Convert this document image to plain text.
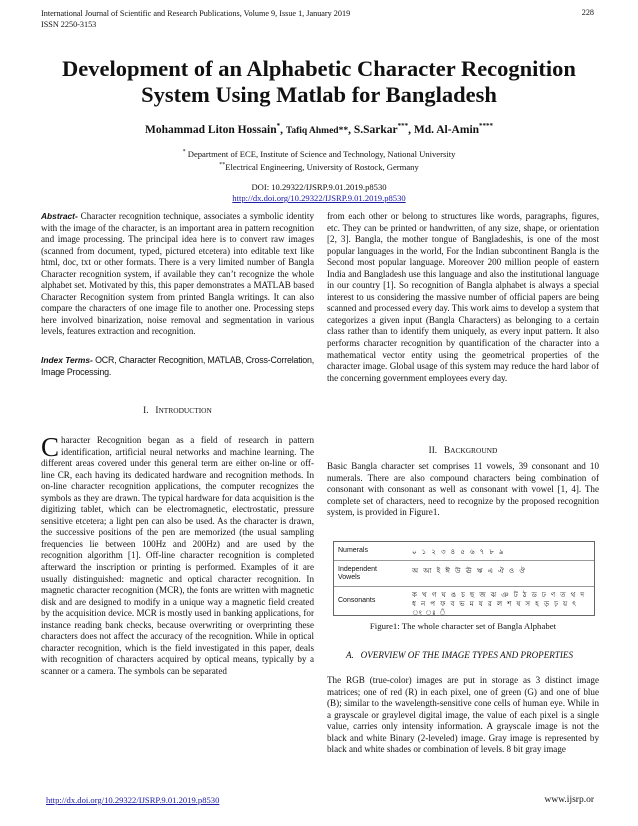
International Journal of Scientific and Research Publications, Volume 9, Issue 1, January 2019
ISSN 2250-3153
228
Development of an Alphabetic Character Recognition System Using Matlab for Bangladesh
Mohammad Liton Hossain*, Tafiq Ahmed**, S.Sarkar***, Md. Al-Amin****
* Department of ECE, Institute of Science and Technology, National University
**Electrical Engineering, University of Rostock, Germany
DOI: 10.29322/IJSRP.9.01.2019.p8530
http://dx.doi.org/10.29322/IJSRP.9.01.2019.p8530
Abstract- Character recognition technique, associates a symbolic identity with the image of the character, is an important area in pattern recognition and image processing. The principal idea here is to convert raw images (scanned from document, typed, pictured etcetera) into editable text like html, doc, txt or other formats. There is a very limited number of Bangla Character recognition system, if available they can’t recognize the whole alphabet set. Motivated by this, this paper demonstrates a MATLAB based Character Recognition system from printed Bangla writings. It can also compare the characters of one image file to another one. Processing steps here involved binarization, noise removal and segmentation in various levels, features extraction and recognition.
Index Terms- OCR, Character Recognition, MATLAB, Cross-Correlation, Image Processing.
I. INTRODUCTION
Character Recognition began as a field of research in pattern identification, artificial neural networks and machine learning. The different areas covered under this general term are either on-line or off-line CR, each having its dedicated hardware and recognition methods. In on-line character recognition applications, the computer recognizes the symbols as they are drawn. The typical hardware for data acquisition is the digitizing tablet, which can be electromagnetic, electrostatic, pressure sensitive etcetera; a light pen can also be used. As the character is drawn, the successive positions of the pen are memorized (the usual sampling frequencies lie between 100Hz and 200Hz) and are used by the recognition algorithm [1]. Off-line character recognition is completed afterward the inscription or printing is performed. Examples of it are usually distinguished: magnetic and optical character recognition. In magnetic character recognition (MCR), the fonts are written with magnetic disk and are designed to modify in a unique way a magnetic field created by the acquisition device. MCR is mostly used in banking applications, for instance reading bank checks, because overwriting or overprinting these characters does not affect the accuracy of the recognition. While in optical character recognition, which is the field investigated in this paper, deals with recognition of characters acquired by optical means, typically by a scanner or a camera. The symbols can be separated
from each other or belong to structures like words, paragraphs, figures, etc. They can be printed or handwritten, of any size, shape, or orientation [2, 3]. Bangla, the mother tongue of Bangladeshis, is one of the most popular languages in the world, For the Indian subcontinent Bangla is the Second most popular language. Moreover 200 million people of eastern India and Bangladesh use this language and also the institutional language in our country [1]. So recognition of Bangla alphabet is always a special interest to us considering the massive number of official papers are being scanned and processed every day. This work aims to develop a system that categorizes a given input (Bangla Characters) as belonging to a certain class rather than to identify them uniquely, as every input pattern. It also performs character recognition by quantification of the character into a mathematical vector entity using the geometrical properties of the character image. Global usage of this system may reduce the hard labor of the concerning government employees every day.
II. BACKGROUND
Basic Bangla character set comprises 11 vowels, 39 consonant and 10 numerals. There are also compound characters being combination of consonant with consonant as well as consonant with vowel [1, 4]. The complete set of characters, need to recognize by the proposed recognition system, is provided in Figure1.
Numerals	০ ১ ২ ৩ ৪ ৫ ৬ ৭ ৮ ৯
Independent Vowels
অ আ ই ঈ উ ঊ ঋ এ ঐ ও ঔ
Consonants
ক খ গ ঘ ঙ চ ছ জ ঝ ঞ ট ঠ ড ঢ ণ ত থ দ ধ ন প ফ ব ভ ম য র ল শ ষ স হ ড় ঢ় য় ৎ ং ঃ ঁ
Figure1: The whole character set of Bangla Alphabet
A. OVERVIEW OF THE IMAGE TYPES AND PROPERTIES
The RGB (true-color) images are put in storage as 3 distinct image matrices; one of red (R) in each pixel, one of green (G) and one of blue (B); similar to the wavelength-sensitive cone cells of human eye. While in a grayscale or graylevel digital image, the value of each pixel is a single value, carries only intensity information. A grayscale image is not the black and white Binary (2-leveled) image. Gray image is represented by black and white shades or combination of levels. 8 bit gray image
http://dx.doi.org/10.29322/IJSRP.9.01.2019.p8530	www.ijsrp.or
